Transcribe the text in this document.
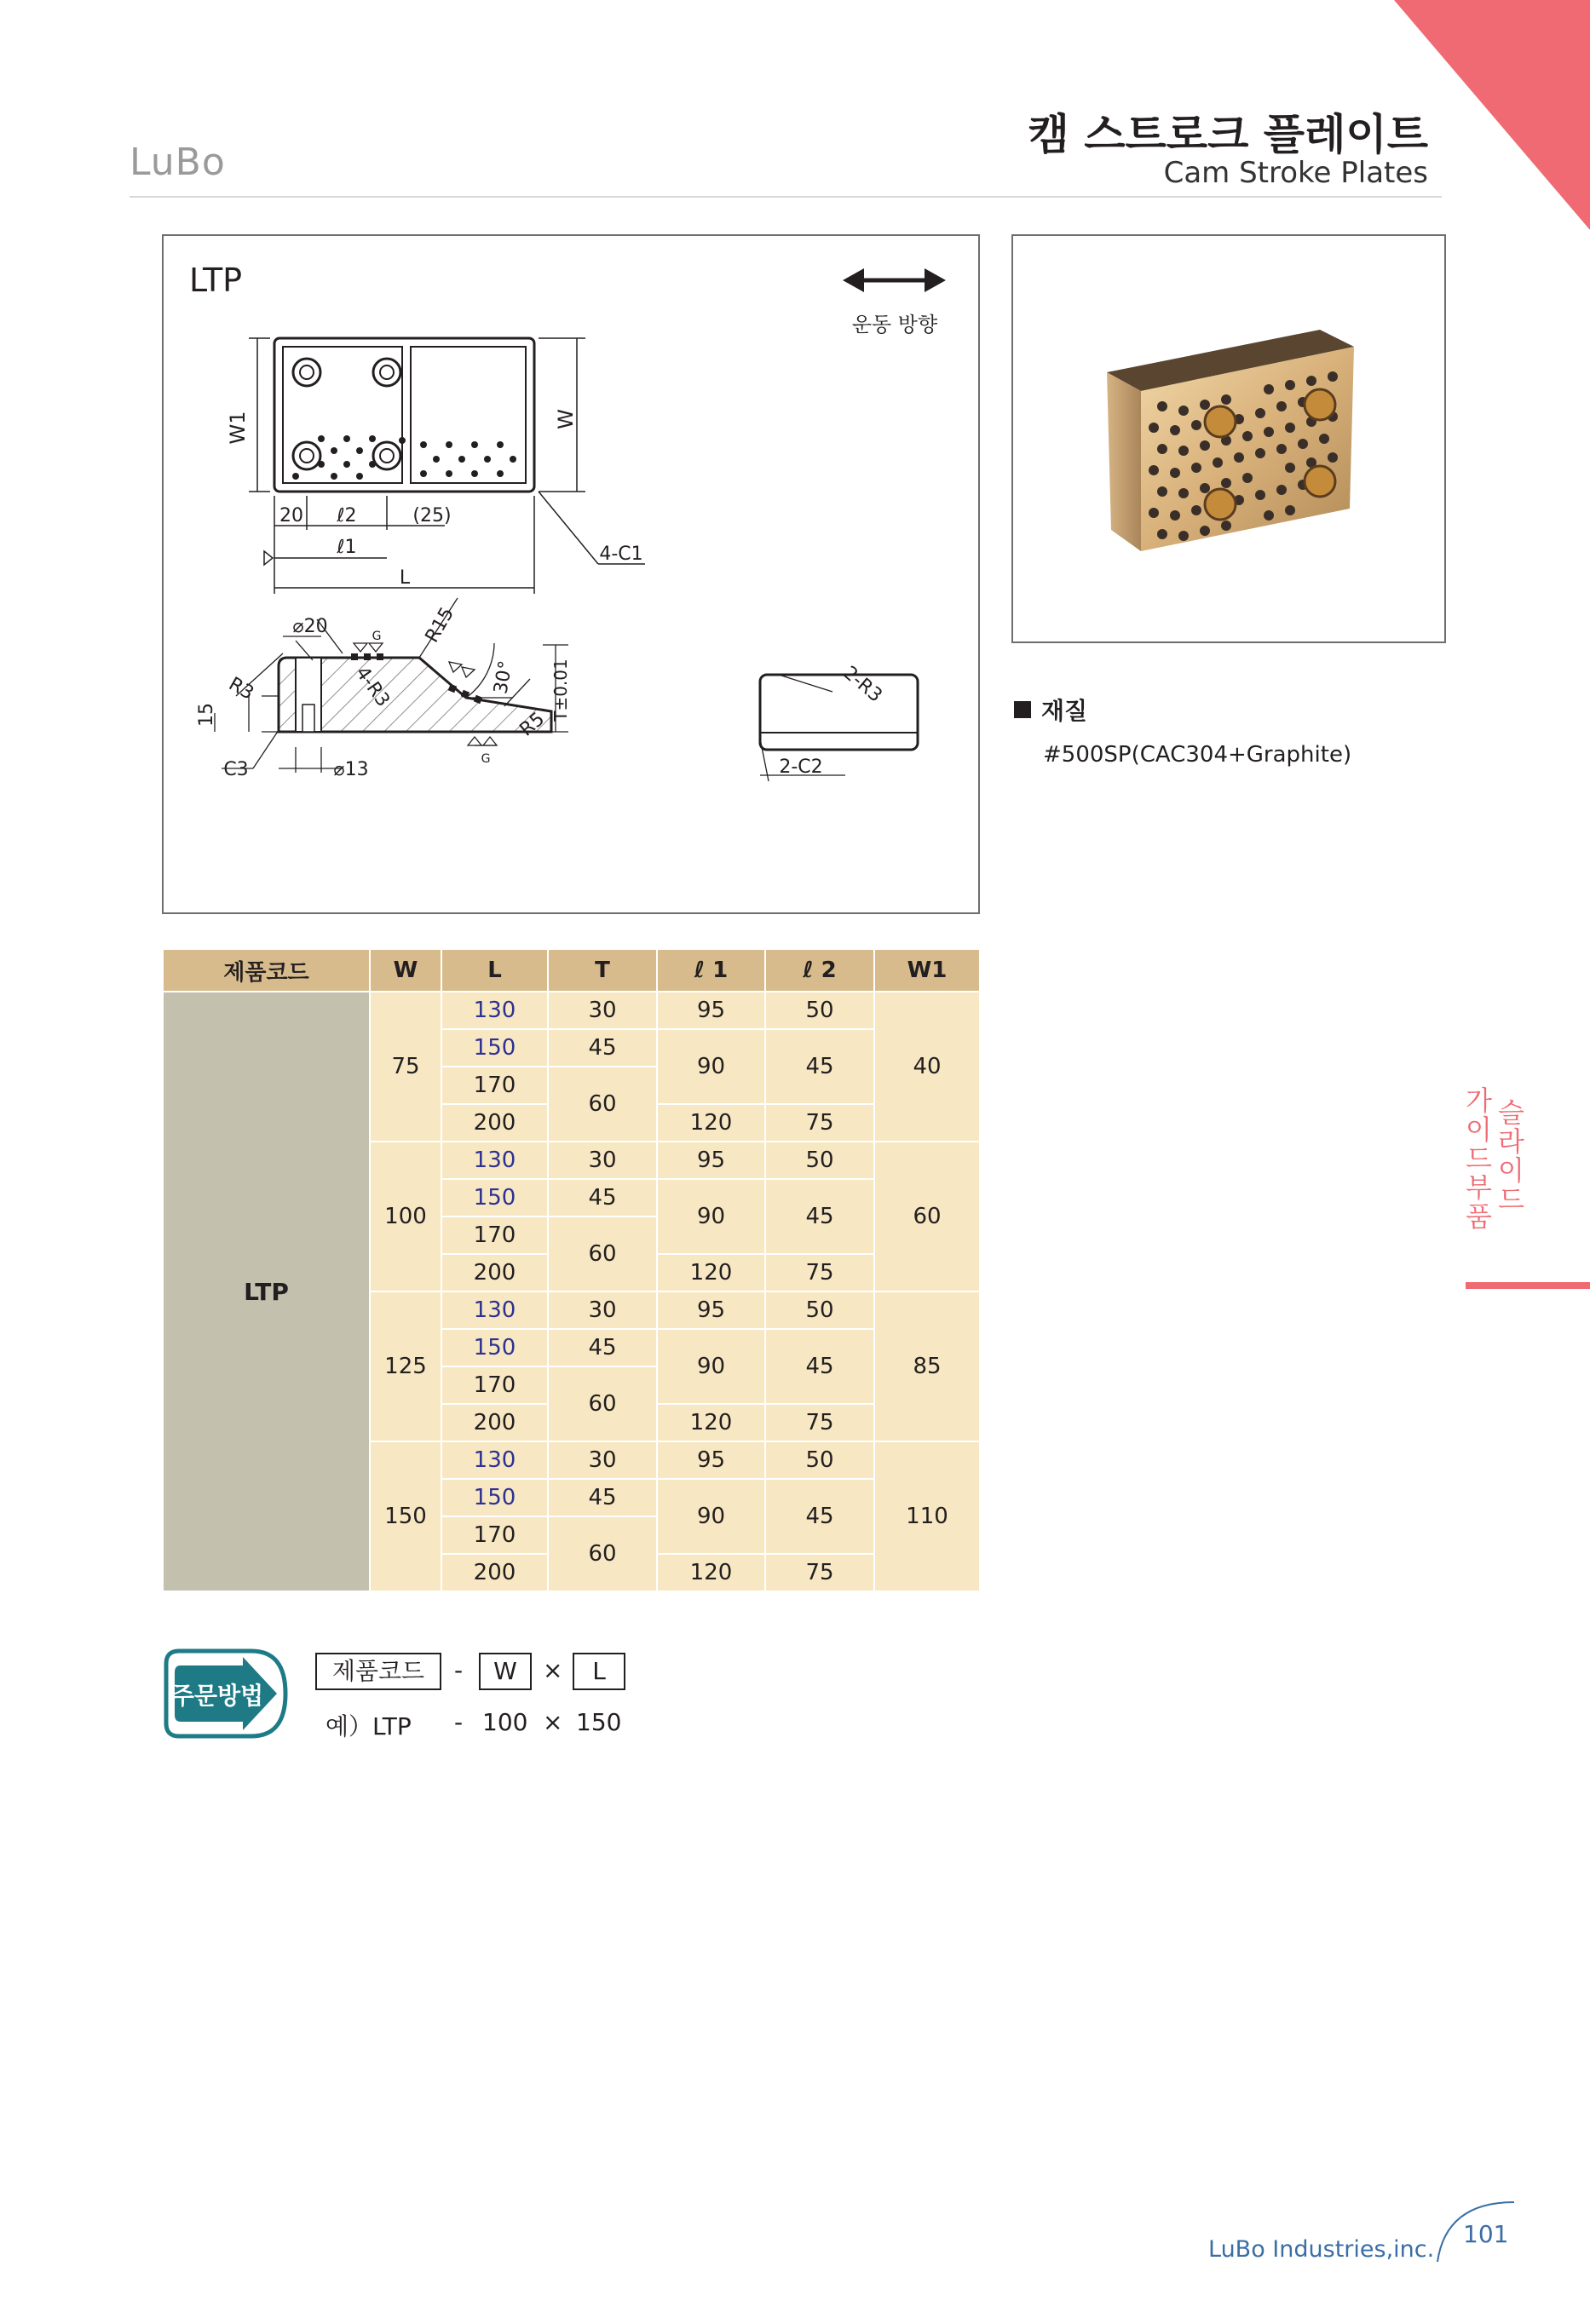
LuBo
캠 스트로크 플레이트
Cam Stroke Plates
LTP
운동 방향
W1	W
20 ℓ2	(25)
ℓ1
L
4-C1
⌀20
R3
R15
4-R3
G
30°
R5
T±0.01
15
C3	⌀13	G
2-R3
2-C2
재질
#500SP(CAC304+Graphite)
제품코드	W	L	T	ℓ 1	ℓ 2	W1
LTP	75	130	30	95	50	40
		150	45	90	45	
		170	60			
		200		120	75	
	100	130	30	95	50	60
		150	45	90	45	
		170	60			
		200		120	75	
	125	130	30	95	50	85
		150	45	90	45	
		170	60			
		200		120	75	
	150	130	30	95	50	110
		150	45	90	45	
		170	60			
		200		120	75	
주문방법
제품코드	-	W	×	L
예）LTP - 100 × 150
가
이
드
부
품
슬
라
이
드
LuBo Industries,inc.
101
